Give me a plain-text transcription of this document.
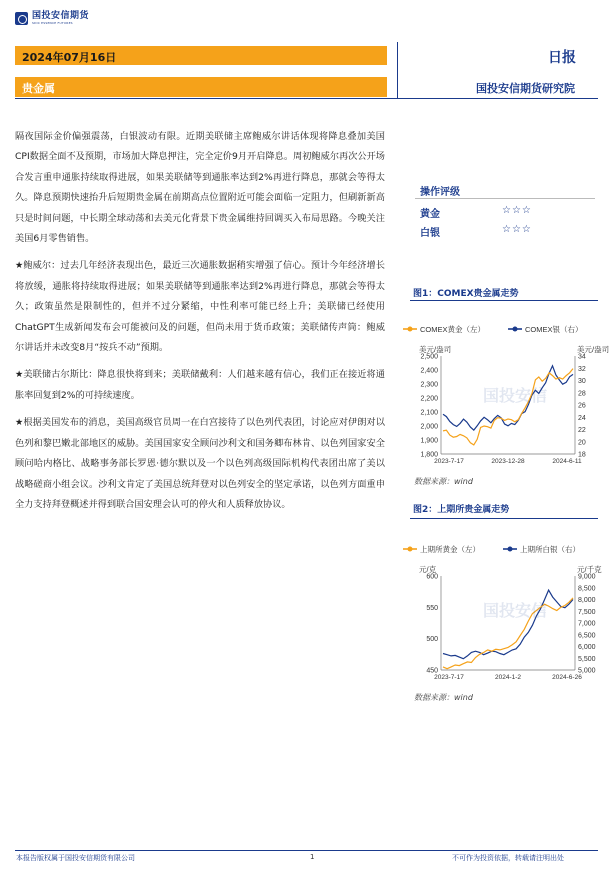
国投安信期货
SDIC ESSENCE FUTURES
2024年07月16日	日报
贵金属	国投安信期货研究院

隔夜国际金价偏强震荡，白银波动有限。近期美联储主席鲍威尔讲话体现将降息叠加美国CPI数据全面不及预期，市场加大降息押注，完全定价9月开启降息。周初鲍威尔再次公开场合发言重申通胀持续取得进展，如果美联储等到通胀率达到2%再进行降息，那就会等得太久。降息预期快速抬升后短期贵金属在前期高点位置附近可能会面临一定阻力，但刷新新高只是时间问题，中长期全球动荡和去美元化背景下贵金属维持回调买入布局思路。今晚关注美国6月零售销售。

★鲍威尔：过去几年经济表现出色，最近三次通胀数据稍实增强了信心。预计今年经济增长将放缓，通胀将持续取得进展；如果美联储等到通胀率达到2%再进行降息，那就会等得太久；政策虽然是限制性的，但并不过分紧缩，中性利率可能已经上升；美联储已经使用ChatGPT生成新闻发布会可能被问及的问题，但尚未用于货币政策；美联储传声筒：鲍威尔讲话并未改变8月“按兵不动”预期。

★美联储古尔斯比：降息很快将到来；美联储戴利：人们越来越有信心，我们正在接近将通胀率回复到2%的可持续速度。

★根据美国发布的消息，美国高级官员周一在白宫接待了以色列代表团，讨论应对伊朗对以色列和黎巴嫩北部地区的威胁。美国国家安全顾问沙利文和国务卿布林肯、以色列国家安全顾问哈内格比、战略事务部长罗恩·德尔默以及一个以色列高级国际机构代表团出席了美以战略磋商小组会议。沙利文肯定了美国总统拜登对以色列安全的坚定承诺，以色列方面重申全力支持拜登概述并得到联合国安理会认可的停火和人质释放协议。

操作评级
黄金	☆☆☆
白银	☆☆☆
图1：COMEX贵金属走势
COMEX黄金（左）	COMEX银（右）
美元/盎司	美元/盎司
1,800
1,900
2,000
2,100
2,200
2,300
2,400
2,500
18
20
22
24
26
28
30
32
34
2023-7-17	2023-12-28	2024-6-11
国投安信
数据来源：wind
图2：上期所贵金属走势
上期所黄金（左）	上期所白银（右）
元/克	元/千克
450
500
550
600
5,000
5,500
6,000
6,500
7,000
7,500
8,000
8,500
9,000
2023-7-17	2024-1-2	2024-6-26
国投安信
数据来源：wind
本报告版权属于国投安信期货有限公司	1	不可作为投资依据，转载请注明出处
